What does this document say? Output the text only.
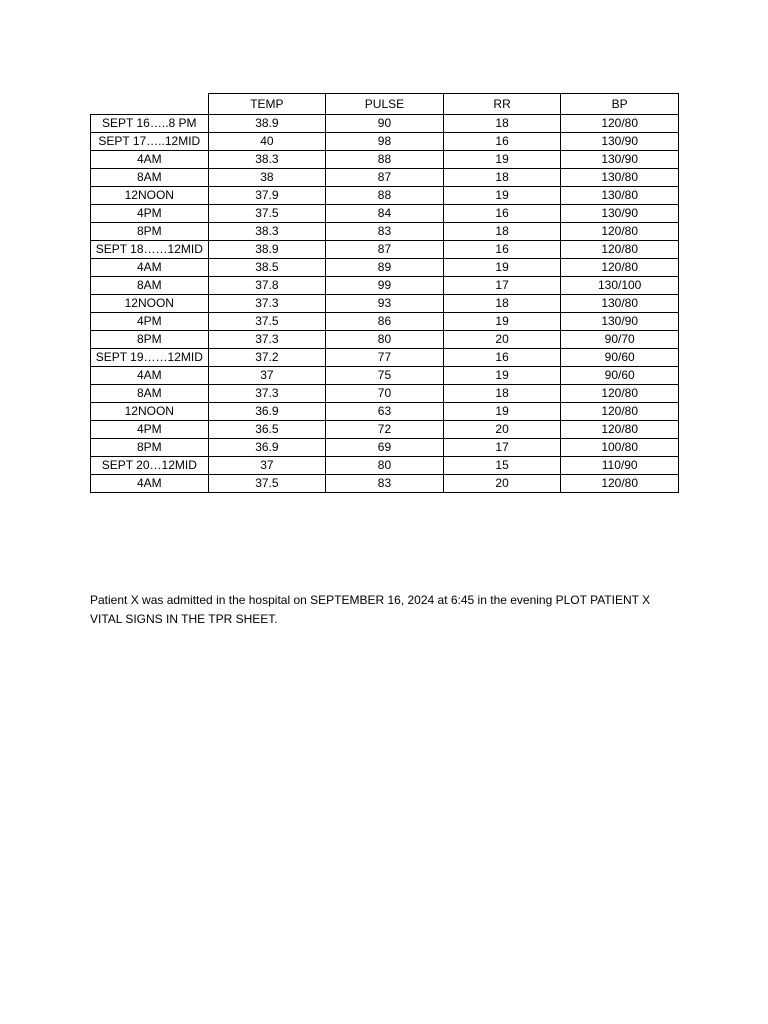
	TEMP	PULSE	RR	BP
SEPT 16…..8 PM	38.9	90	18	120/80
SEPT 17…..12MID	40	98	16	130/90
4AM	38.3	88	19	130/90
8AM	38	87	18	130/80
12NOON	37.9	88	19	130/80
4PM	37.5	84	16	130/90
8PM	38.3	83	18	120/80
SEPT 18……12MID	38.9	87	16	120/80
4AM	38.5	89	19	120/80
8AM	37.8	99	17	130/100
12NOON	37.3	93	18	130/80
4PM	37.5	86	19	130/90
8PM	37.3	80	20	90/70
SEPT 19……12MID	37.2	77	16	90/60
4AM	37	75	19	90/60
8AM	37.3	70	18	120/80
12NOON	36.9	63	19	120/80
4PM	36.5	72	20	120/80
8PM	36.9	69	17	100/80
SEPT 20…12MID	37	80	15	110/90
4AM	37.5	83	20	120/80

Patient X was admitted in the hospital on SEPTEMBER 16, 2024 at 6:45 in the evening PLOT PATIENT X VITAL SIGNS IN THE TPR SHEET.
